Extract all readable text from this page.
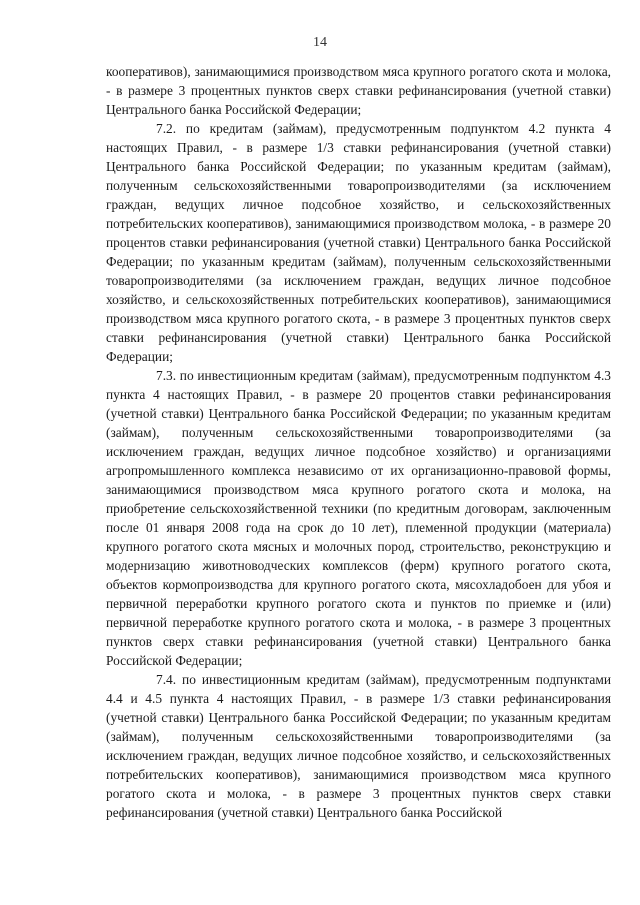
14

кооперативов), занимающимися производством мяса крупного рогатого скота и молока, - в размере 3 процентных пунктов сверх ставки рефинансирования (учетной ставки) Центрального банка Российской Федерации;

7.2. по кредитам (займам), предусмотренным подпунктом 4.2 пункта 4 настоящих Правил, - в размере 1/3 ставки рефинансирования (учетной ставки) Центрального банка Российской Федерации; по указанным кредитам (займам), полученным сельскохозяйственными товаропроизводителями (за исключением граждан, ведущих личное подсобное хозяйство, и сельскохозяйственных потребительских кооперативов), занимающимися производством молока, - в размере 20 процентов ставки рефинансирования (учетной ставки) Центрального банка Российской Федерации; по указанным кредитам (займам), полученным сельскохозяйственными товаропроизводителями (за исключением граждан, ведущих личное подсобное хозяйство, и сельскохозяйственных потребительских кооперативов), занимающимися производством мяса крупного рогатого скота, - в размере 3 процентных пунктов сверх ставки рефинансирования (учетной ставки) Центрального банка Российской Федерации;

7.3. по инвестиционным кредитам (займам), предусмотренным подпунктом 4.3 пункта 4 настоящих Правил, - в размере 20 процентов ставки рефинансирования (учетной ставки) Центрального банка Российской Федерации; по указанным кредитам (займам), полученным сельскохозяйственными товаропроизводителями (за исключением граждан, ведущих личное подсобное хозяйство) и организациями агропромышленного комплекса независимо от их организационно-правовой формы, занимающимися производством мяса крупного рогатого скота и молока, на приобретение сельскохозяйственной техники (по кредитным договорам, заключенным после 01 января 2008 года на срок до 10 лет), племенной продукции (материала) крупного рогатого скота мясных и молочных пород, строительство, реконструкцию и модернизацию животноводческих комплексов (ферм) крупного рогатого скота, объектов кормопроизводства для крупного рогатого скота, мясохладобоен для убоя и первичной переработки крупного рогатого скота и пунктов по приемке и (или) первичной переработке крупного рогатого скота и молока, - в размере 3 процентных пунктов сверх ставки рефинансирования (учетной ставки) Центрального банка Российской Федерации;

7.4. по инвестиционным кредитам (займам), предусмотренным подпунктами 4.4 и 4.5 пункта 4 настоящих Правил, - в размере 1/3 ставки рефинансирования (учетной ставки) Центрального банка Российской Федерации; по указанным кредитам (займам), полученным сельскохозяйственными товаропроизводителями (за исключением граждан, ведущих личное подсобное хозяйство, и сельскохозяйственных потребительских кооперативов), занимающимися производством мяса крупного рогатого скота и молока, - в размере 3 процентных пунктов сверх ставки рефинансирования (учетной ставки) Центрального банка Российской
